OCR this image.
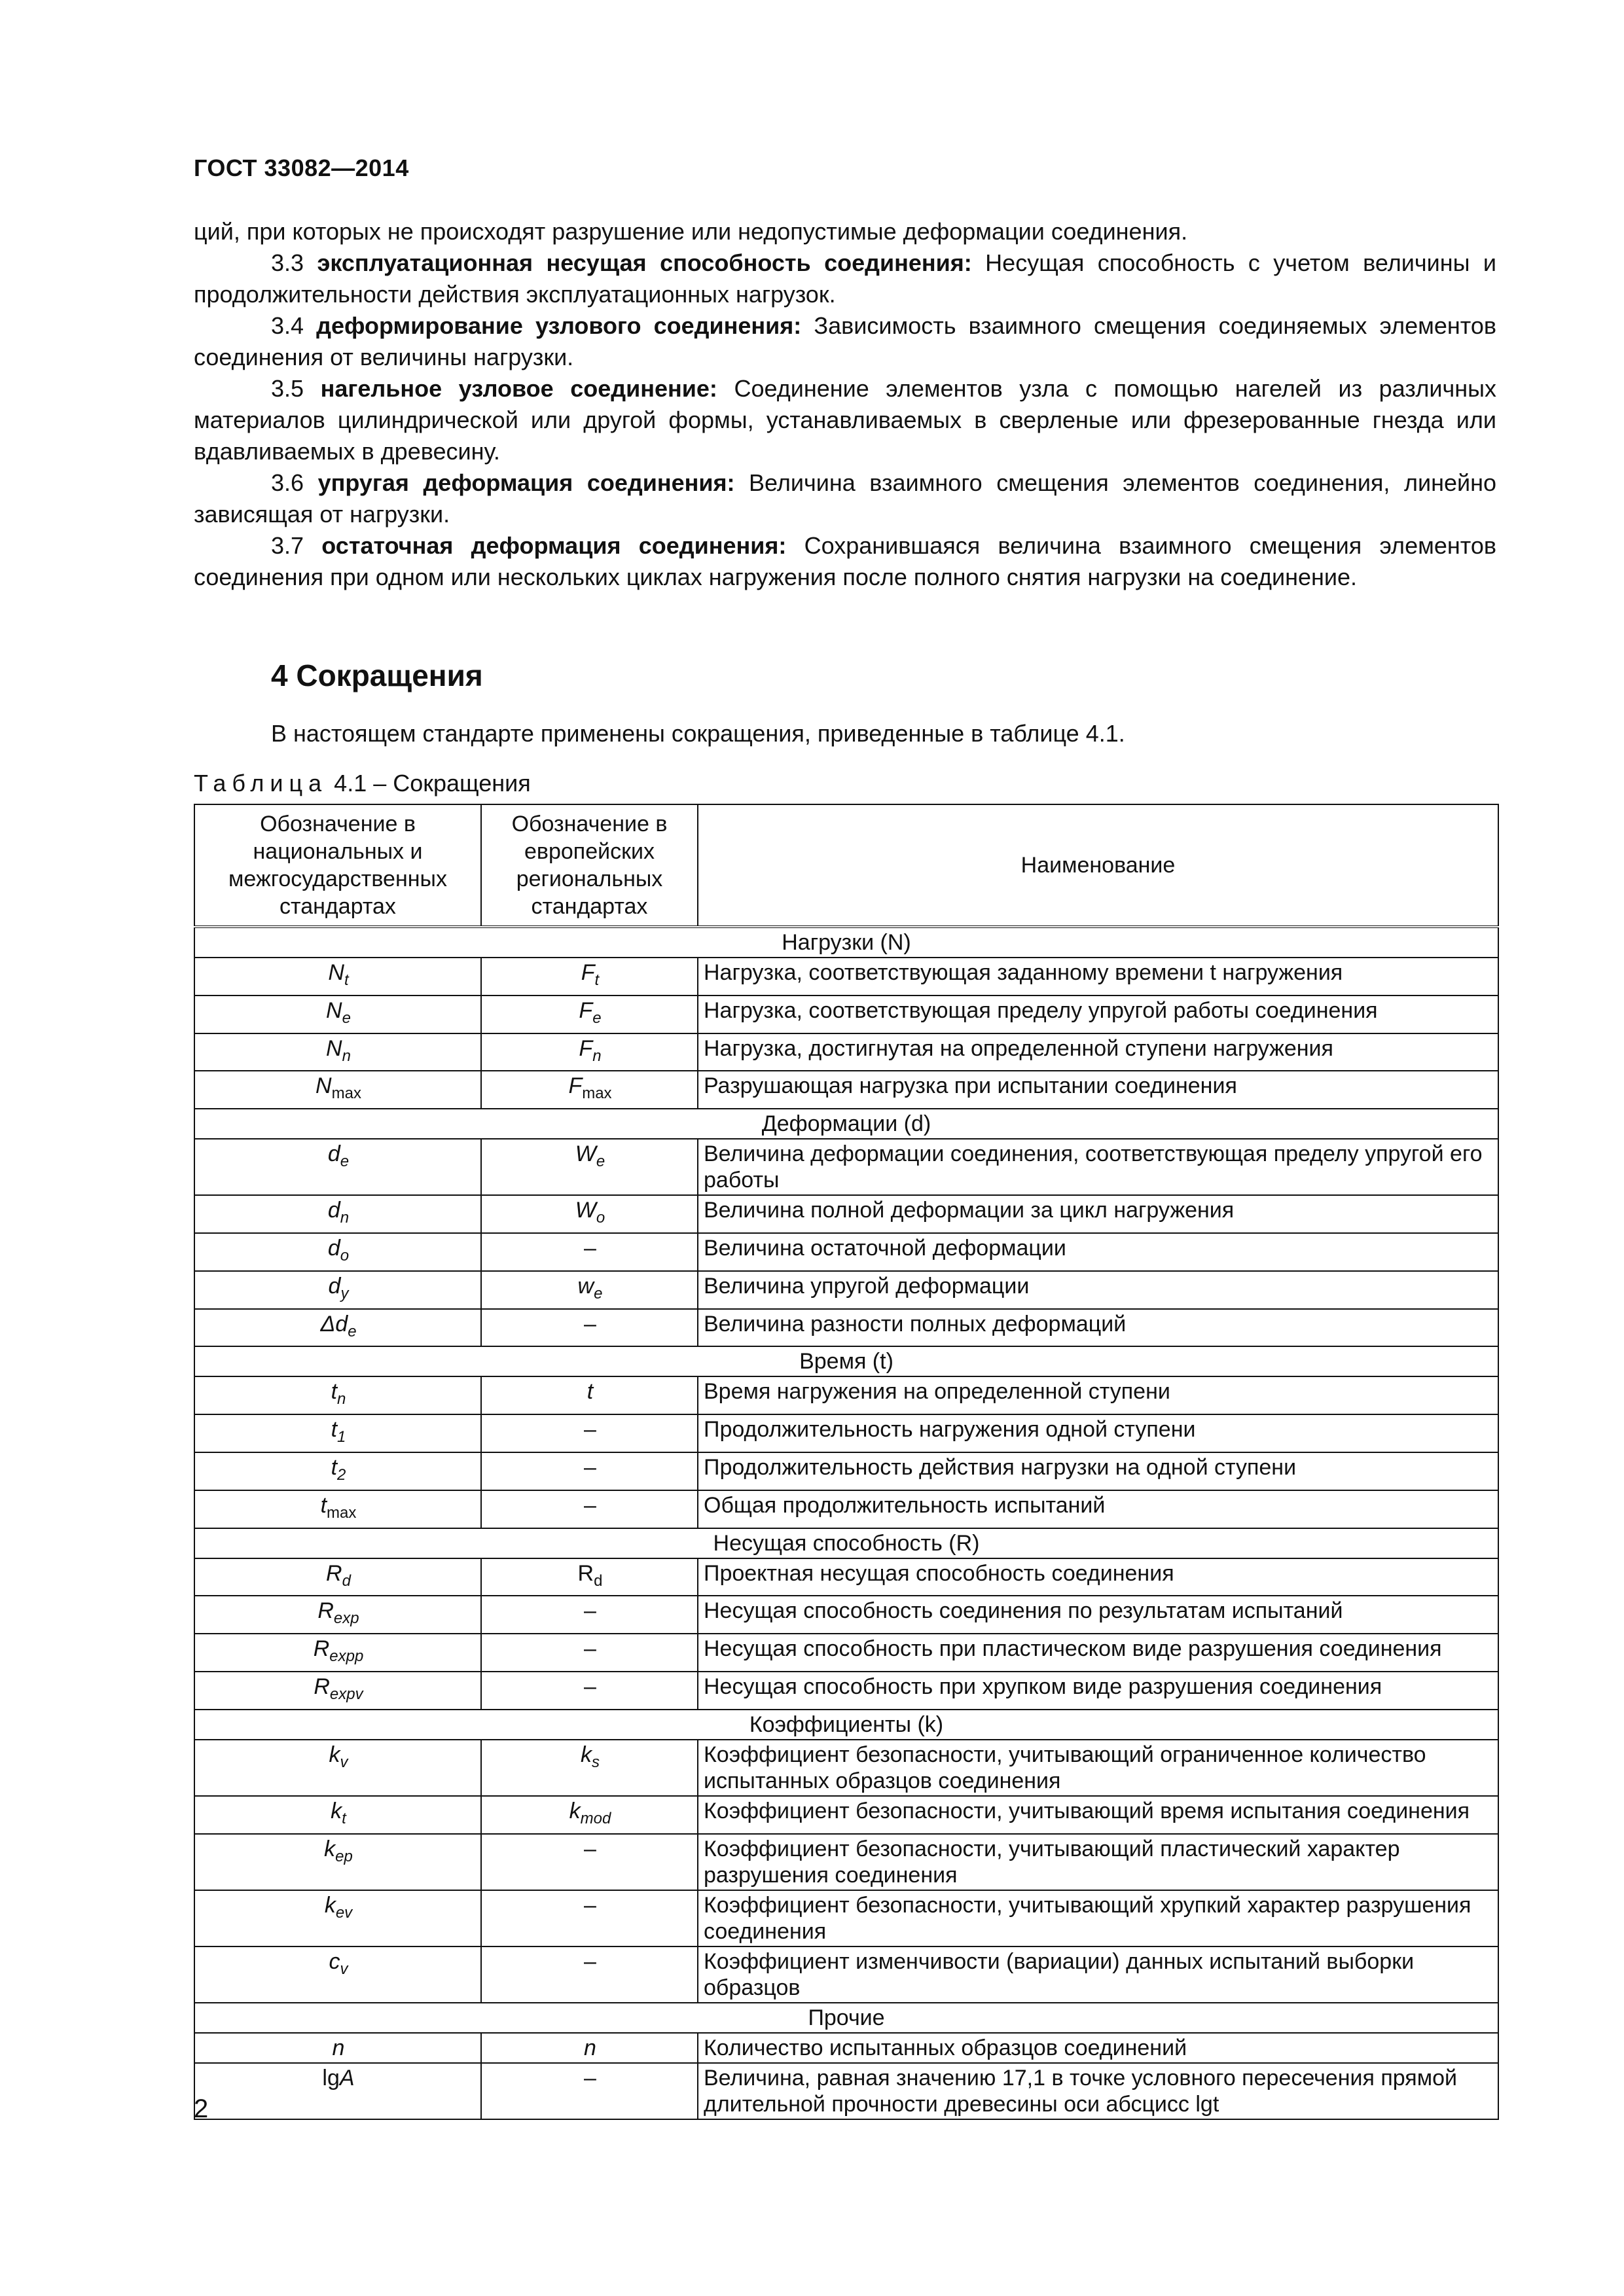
ГОСТ 33082—2014

ций, при которых не происходят разрушение или недопустимые деформации соединения.

3.3 эксплуатационная несущая способность соединения: Несущая способность с учетом величины и продолжительности действия эксплуатационных нагрузок.

3.4 деформирование узлового соединения: Зависимость взаимного смещения соединяемых элементов соединения от величины нагрузки.

3.5 нагельное узловое соединение: Соединение элементов узла с помощью нагелей из различных материалов цилиндрической или другой формы, устанавливаемых в сверленые или фрезерованные гнезда или вдавливаемых в древесину.

3.6 упругая деформация соединения: Величина взаимного смещения элементов соединения, линейно зависящая от нагрузки.

3.7 остаточная деформация соединения: Сохранившаяся величина взаимного смещения элементов соединения при одном или нескольких циклах нагружения после полного снятия нагрузки на соединение.

4 Сокращения
В настоящем стандарте применены сокращения, приведенные в таблице 4.1.
Таблица 4.1 – Сокращения
Обозначение в национальных и межгосударственных стандартах	Обозначение в европейских региональных стандартах	Наименование
Нагрузки (N)		
$N_t$	$F_t$	Нагрузка, соответствующая заданному времени t нагружения
$N_e$	$F_e$	Нагрузка, соответствующая пределу упругой работы соединения
$N_n$	$F_n$	Нагрузка, достигнутая на определенной ступени нагружения
$N_{max}$	$F_{max}$	Разрушающая нагрузка при испытании соединения
Деформации (d)		
$d_e$	$W_e$	Величина деформации соединения, соответствующая пределу упругой его работы
$d_n$	$W_o$	Величина полной деформации за цикл нагружения
$d_o$	–	Величина остаточной деформации
$d_y$	$w_e$	Величина упругой деформации
$\Delta d_e$	–	Величина разности полных деформаций
Время (t)		
$t_n$	t	Время нагружения на определенной ступени
$t_1$	–	Продолжительность нагружения одной ступени
$t_2$	–	Продолжительность действия нагрузки на одной ступени
$t_{max}$	–	Общая продолжительность испытаний
Несущая способность (R)		
$R_d$	$R_d$	Проектная несущая способность соединения
$R_{exp}$	–	Несущая способность соединения по результатам испытаний
$R_{expp}$	–	Несущая способность при пластическом виде разрушения соединения
$R_{expv}$	–	Несущая способность при хрупком виде разрушения соединения
Коэффициенты (k)		
$k_v$	$k_s$	Коэффициент безопасности, учитывающий ограниченное количество испытанных образцов соединения
$k_t$	$k_{mod}$	Коэффициент безопасности, учитывающий время испытания соединения
$k_{ep}$	–	Коэффициент безопасности, учитывающий пластический характер разрушения соединения
$k_{ev}$	–	Коэффициент безопасности, учитывающий хрупкий характер разрушения соединения
$c_v$	–	Коэффициент изменчивости (вариации) данных испытаний выборки образцов
Прочие		
n	n	Количество испытанных образцов соединений
lgA	–	Величина, равная значению 17,1 в точке условного пересечения прямой длительной прочности древесины оси абсцисс lgt
2
